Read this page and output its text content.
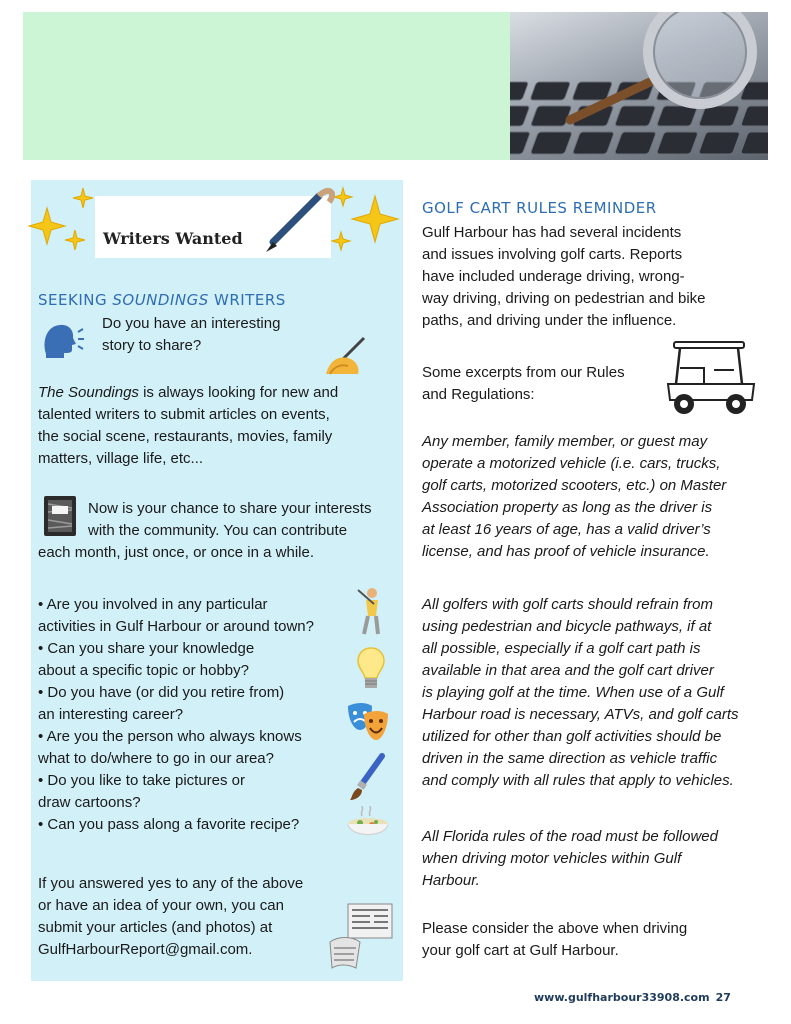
Writers Wanted
SEEKING SOUNDINGS WRITERS
Do you have an interesting
story to share?
The Soundings is always looking for new and
talented writers to submit articles on events,
the social scene, restaurants, movies, family
matters, village life, etc...
Now is your chance to share your interests
with the community. You can contribute
each month, just once, or once in a while.
• Are you involved in any particular
activities in Gulf Harbour or around town?
• Can you share your knowledge
about a specific topic or hobby?
• Do you have (or did you retire from)
an interesting career?
• Are you the person who always knows
what to do/where to go in our area?
• Do you like to take pictures or
draw cartoons?
• Can you pass along a favorite recipe?
If you answered yes to any of the above
or have an idea of your own, you can
submit your articles (and photos) at
GulfHarbourReport@gmail.com.
GOLF CART RULES REMINDER
Gulf Harbour has had several incidents
and issues involving golf carts. Reports
have included underage driving, wrong-
way driving, driving on pedestrian and bike
paths, and driving under the influence.
Some excerpts from our Rules
and Regulations:
Any member, family member, or guest may
operate a motorized vehicle (i.e. cars, trucks,
golf carts, motorized scooters, etc.) on Master
Association property as long as the driver is
at least 16 years of age, has a valid driver’s
license, and has proof of vehicle insurance.
All golfers with golf carts should refrain from
using pedestrian and bicycle pathways, if at
all possible, especially if a golf cart path is
available in that area and the golf cart driver
is playing golf at the time. When use of a Gulf
Harbour road is necessary, ATVs, and golf carts
utilized for other than golf activities should be
driven in the same direction as vehicle traffic
and comply with all rules that apply to vehicles.
All Florida rules of the road must be followed
when driving motor vehicles within Gulf
Harbour.
Please consider the above when driving
your golf cart at Gulf Harbour.
www.gulfharbour33908.com 27
